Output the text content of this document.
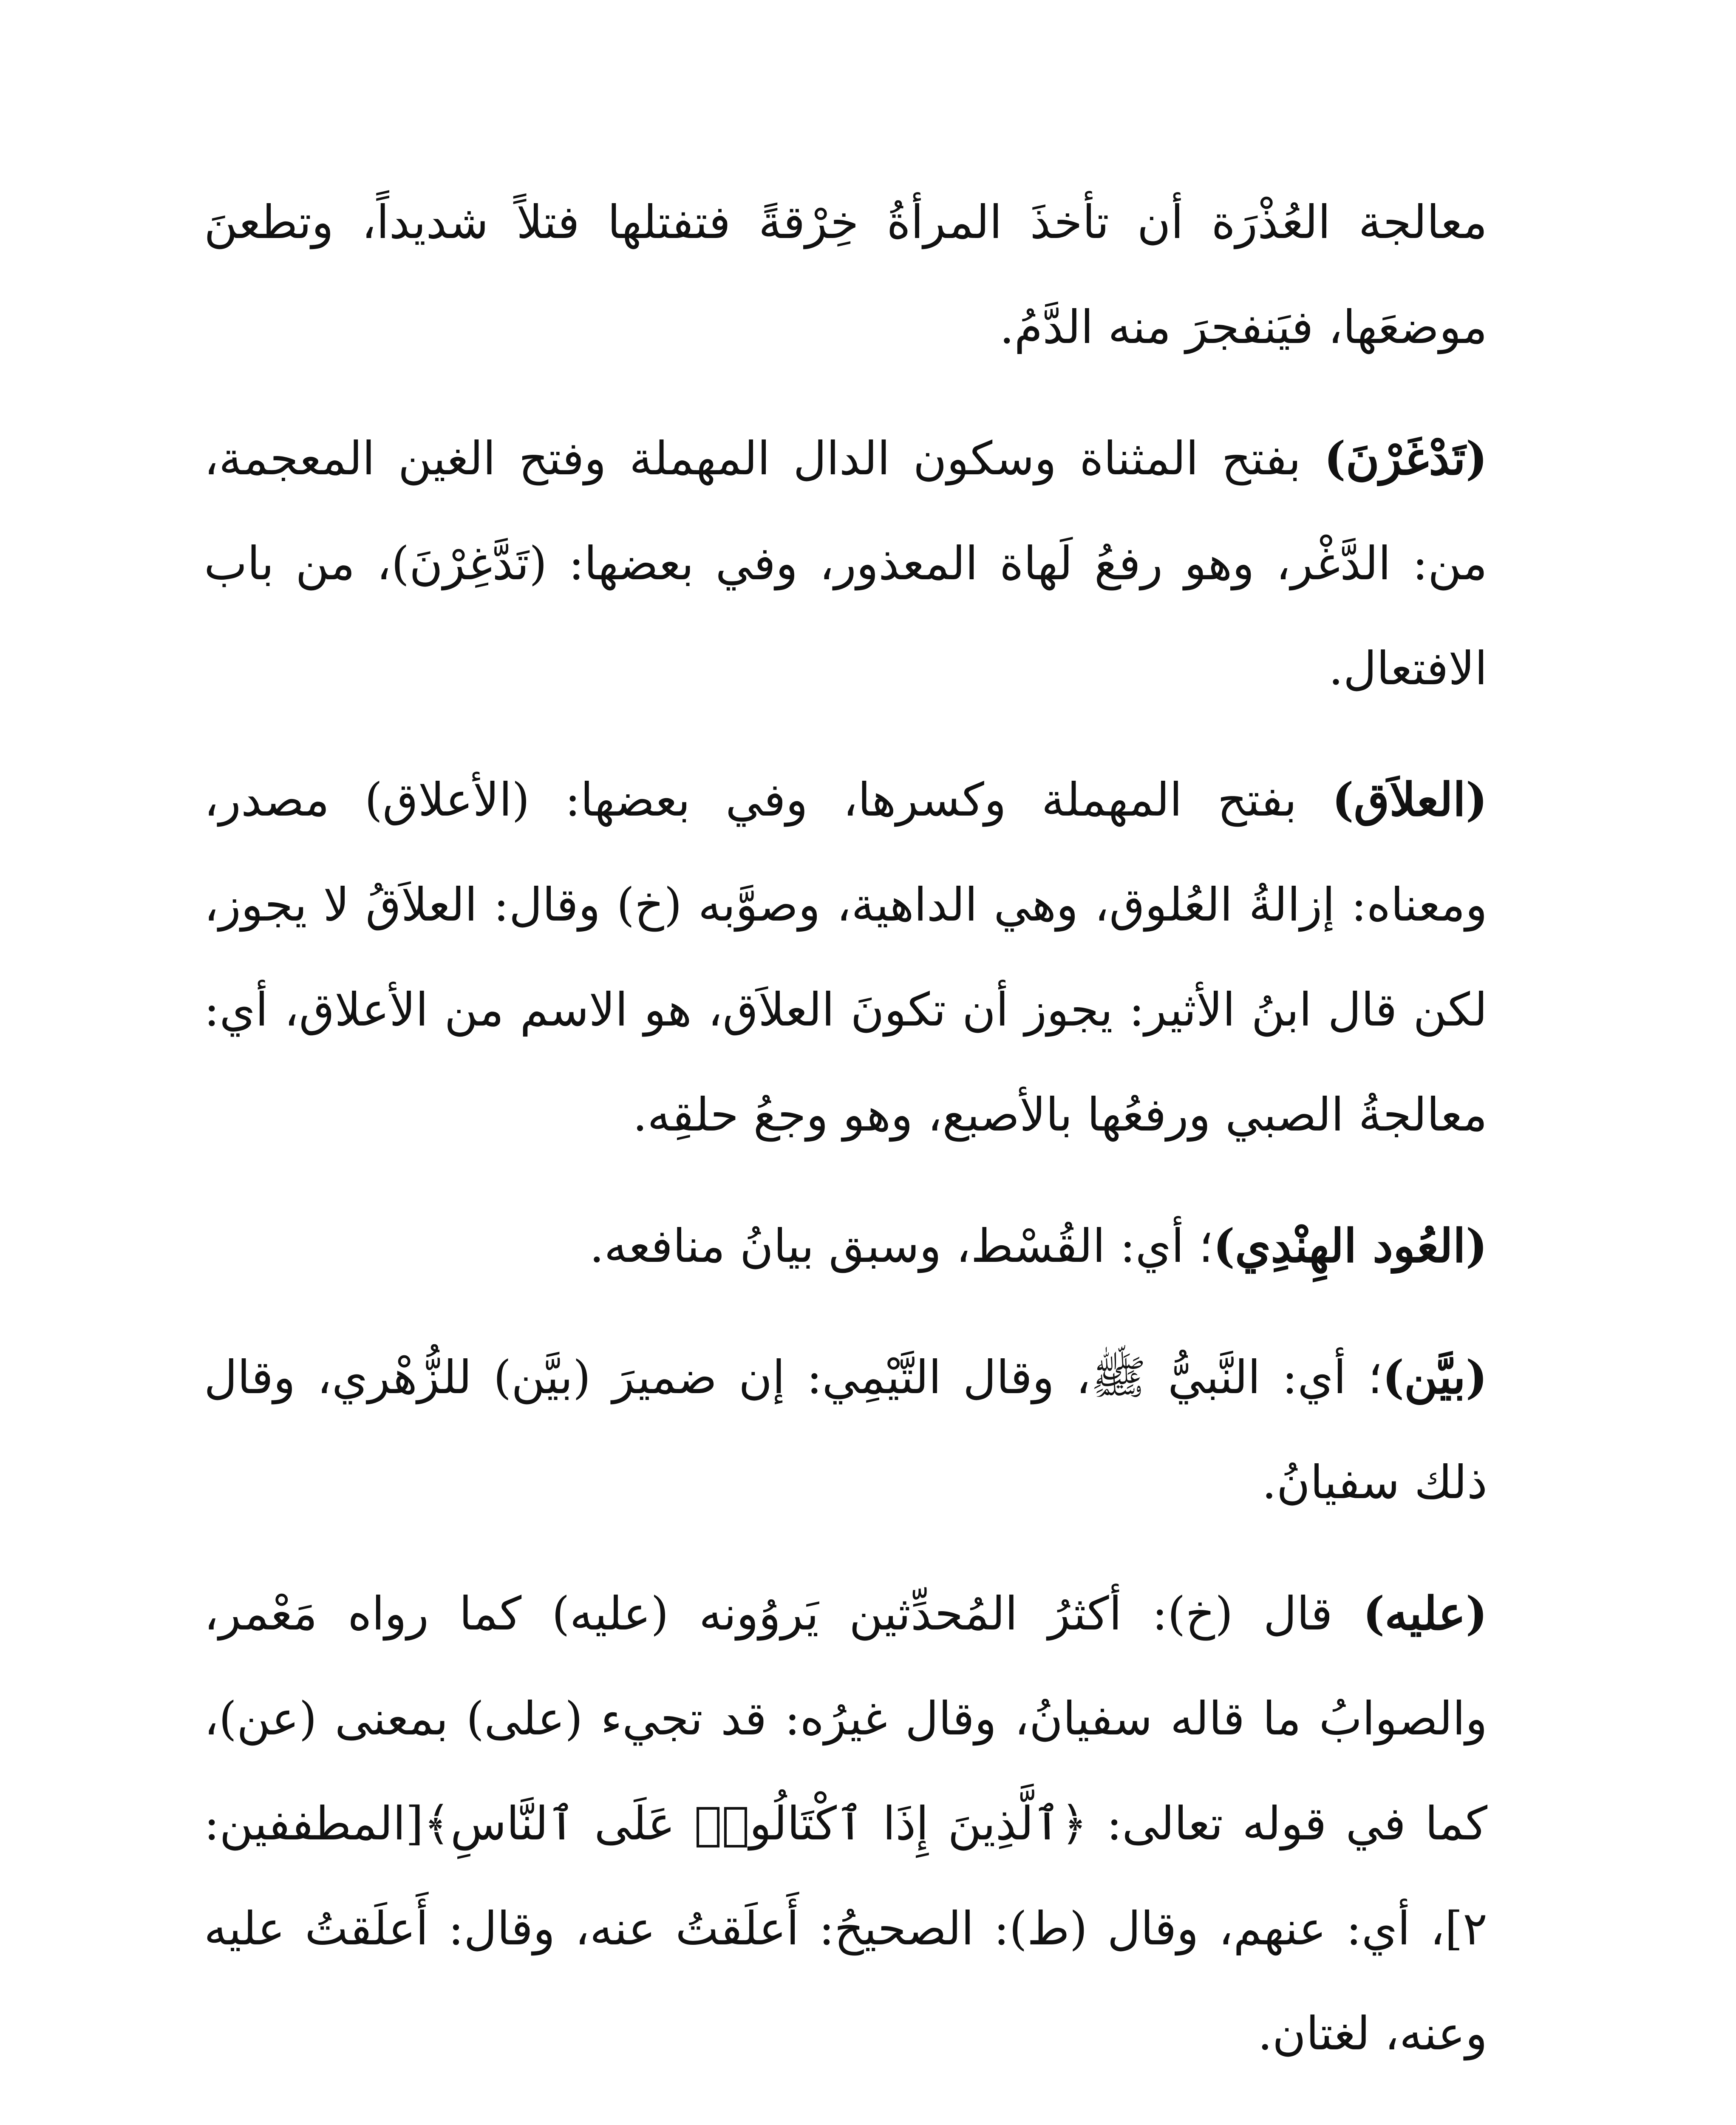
معالجة العُذْرَة أن تأخذَ المرأةُ خِرْقةً فتفتلها فتلاً شديداً، وتطعنَ موضعَها، فيَنفجرَ منه الدَّمُ.

(تَدْغَرْنَ) بفتح المثناة وسكون الدال المهملة وفتح الغين المعجمة، من: الدَّغْر، وهو رفعُ لَهاة المعذور، وفي بعضها: (تَدَّغِرْنَ)، من باب الافتعال.

(العلاَق) بفتح المهملة وكسرها، وفي بعضها: (الأعلاق) مصدر، ومعناه: إزالةُ العُلوق، وهي الداهية، وصوَّبه (خ) وقال: العلاَقُ لا يجوز، لكن قال ابنُ الأثير: يجوز أن تكونَ العلاَق، هو الاسم من الأعلاق، أي: معالجةُ الصبي ورفعُها بالأصبع، وهو وجعُ حلقِه.

(العُود الهِنْدِي)؛ أي: القُسْط، وسبق بيانُ منافعه.

(بيَّن)؛ أي: النَّبيُّ ﷺ، وقال التَّيْمِي: إن ضميرَ (بيَّن) للزُّهْري، وقال ذلك سفيانُ.

(عليه) قال (خ): أكثرُ المُحدِّثين يَروُونه (عليه) كما رواه مَعْمر، والصوابُ ما قاله سفيانُ، وقال غيرُه: قد تجيء (على) بمعنى (عن)، كما في قوله تعالى: ﴿ٱلَّذِينَ إِذَا ٱكْتَالُوا۟ عَلَى ٱلنَّاسِ﴾[المطففين: ٢]، أي: عنهم، وقال (ط): الصحيحُ: أَعلَقتُ عنه، وقال: أَعلَقتُ عليه وعنه، لغتان.
